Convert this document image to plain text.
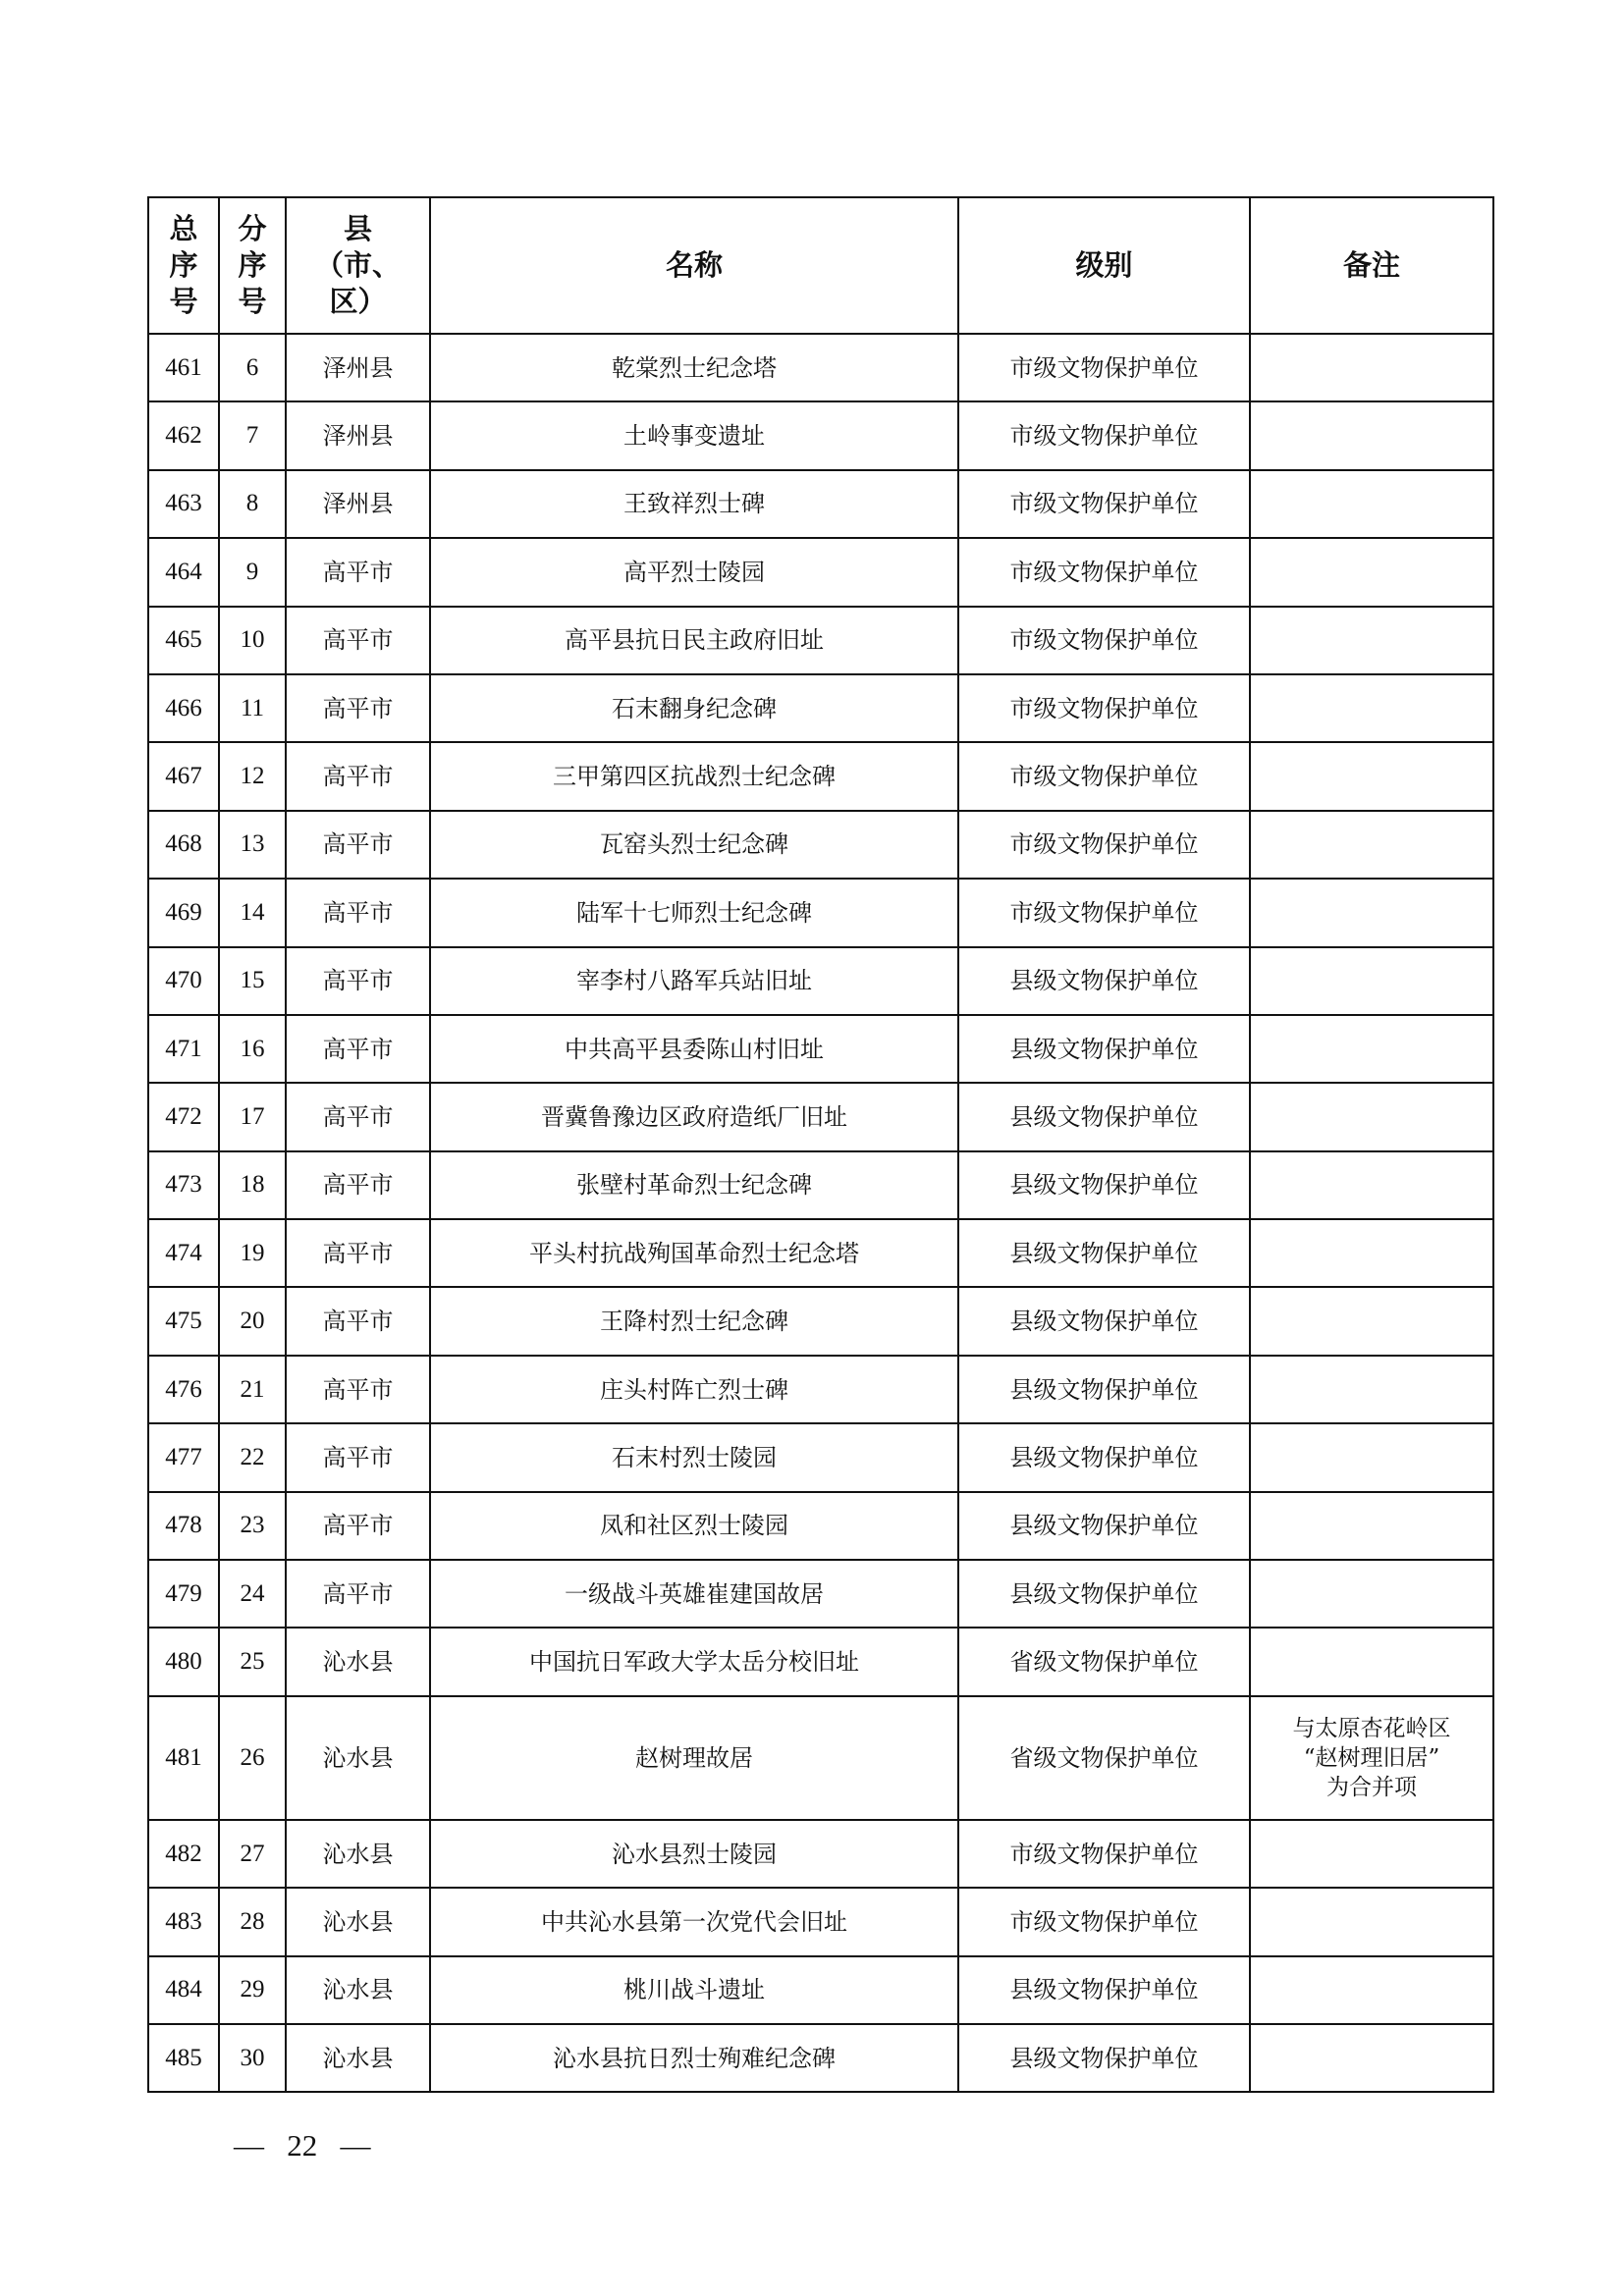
总
序
号	分
序
号	县
（市、
区）	名称	级别	备注
461	6	泽州县	乾棠烈士纪念塔	市级文物保护单位	
462	7	泽州县	土岭事变遗址	市级文物保护单位	
463	8	泽州县	王致祥烈士碑	市级文物保护单位	
464	9	高平市	高平烈士陵园	市级文物保护单位	
465	10	高平市	高平县抗日民主政府旧址	市级文物保护单位	
466	11	高平市	石末翻身纪念碑	市级文物保护单位	
467	12	高平市	三甲第四区抗战烈士纪念碑	市级文物保护单位	
468	13	高平市	瓦窑头烈士纪念碑	市级文物保护单位	
469	14	高平市	陆军十七师烈士纪念碑	市级文物保护单位	
470	15	高平市	宰李村八路军兵站旧址	县级文物保护单位	
471	16	高平市	中共高平县委陈山村旧址	县级文物保护单位	
472	17	高平市	晋冀鲁豫边区政府造纸厂旧址	县级文物保护单位	
473	18	高平市	张壁村革命烈士纪念碑	县级文物保护单位	
474	19	高平市	平头村抗战殉国革命烈士纪念塔	县级文物保护单位	
475	20	高平市	王降村烈士纪念碑	县级文物保护单位	
476	21	高平市	庄头村阵亡烈士碑	县级文物保护单位	
477	22	高平市	石末村烈士陵园	县级文物保护单位	
478	23	高平市	凤和社区烈士陵园	县级文物保护单位	
479	24	高平市	一级战斗英雄崔建国故居	县级文物保护单位	
480	25	沁水县	中国抗日军政大学太岳分校旧址	省级文物保护单位	
481	26	沁水县	赵树理故居	省级文物保护单位	与太原杏花岭区
“赵树理旧居”
为合并项

482	27	沁水县	沁水县烈士陵园	市级文物保护单位	
483	28	沁水县	中共沁水县第一次党代会旧址	市级文物保护单位	
484	29	沁水县	桃川战斗遗址	县级文物保护单位	
485	30	沁水县	沁水县抗日烈士殉难纪念碑	县级文物保护单位	
— 22 —
